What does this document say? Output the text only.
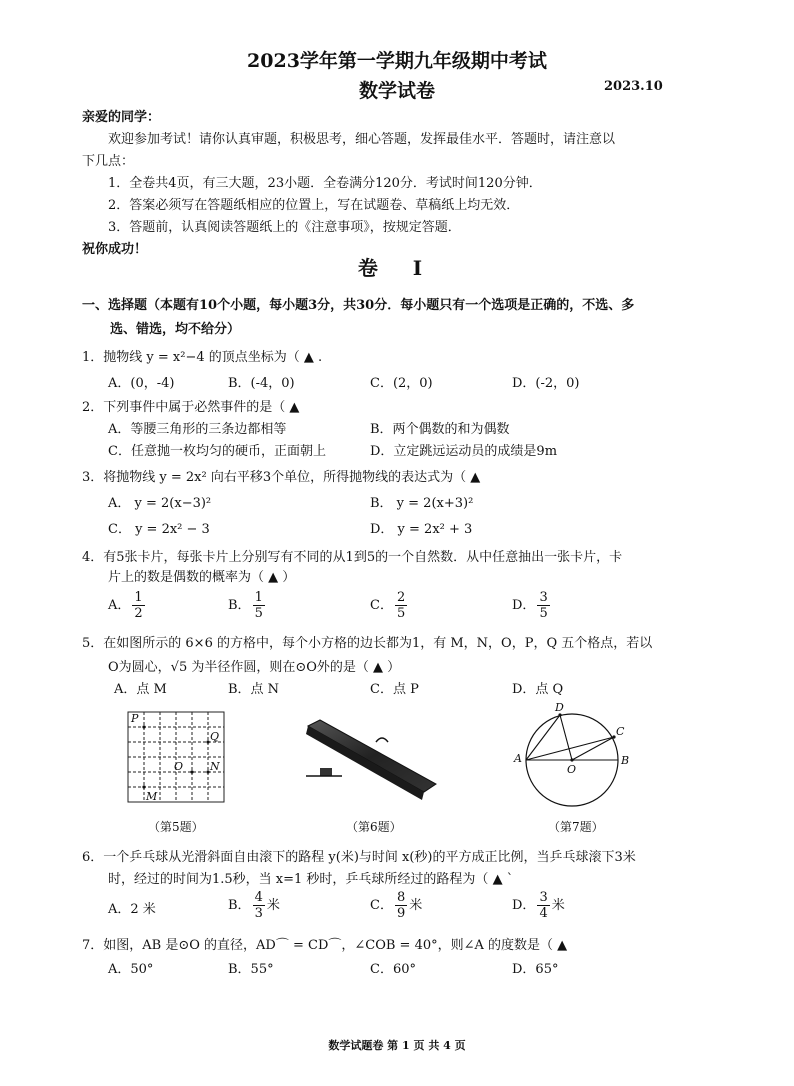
2023学年第一学期九年级期中考试
数学试卷	2023.10
亲爱的同学：
欢迎参加考试！请你认真审题，积极思考，细心答题，发挥最佳水平．答题时，请注意以
下几点：
1．全卷共4页，有三大题，23小题．全卷满分120分．考试时间120分钟．
2．答案必须写在答题纸相应的位置上，写在试题卷、草稿纸上均无效．
3．答题前，认真阅读答题纸上的《注意事项》，按规定答题．
祝你成功！
卷 I
一、选择题（本题有10个小题，每小题3分，共30分．每小题只有一个选项是正确的，不选、多
选、错选，均不给分）
1．抛物线 y = x²−4 的顶点坐标为（ ▲ .
A．(0，-4)	B．(-4，0)	C．(2，0)	D．(-2，0)
2．下列事件中属于必然事件的是（ ▲
A．等腰三角形的三条边都相等	B．两个偶数的和为偶数
C．任意抛一枚均匀的硬币，正面朝上	D．立定跳远运动员的成绩是9m
3．将抛物线 y = 2x² 向右平移3个单位，所得抛物线的表达式为（ ▲
A． y = 2(x−3)²	B． y = 2(x+3)²
C． y = 2x² − 3	D． y = 2x² + 3
4．有5张卡片，每张卡片上分别写有不同的从1到5的一个自然数．从中任意抽出一张卡片，卡
片上的数是偶数的概率为（ ▲ ）
A． $\frac{1}{2}$	B． $\frac{1}{5}$	C． $\frac{2}{5}$	D． $\frac{3}{5}$
5．在如图所示的 6×6 的方格中，每个小方格的边长都为1，有 M，N，O，P，Q 五个格点，若以
O为圆心，√5 为半径作圆，则在⊙O外的是（ ▲ ）
A．点 M	B．点 N	C．点 P	D．点 Q
P
Q
O N
M
（第5题）	（第6题）
A	B
C
D
O
（第7题）
6．一个乒乓球从光滑斜面自由滚下的路程 y(米)与时间 x(秒)的平方成正比例，当乒乓球滚下3米
时，经过的时间为1.5秒，当 x=1 秒时，乒乓球所经过的路程为（ ▲ `
A．2 米	B． $\frac{4}{3}$ 米	C． $\frac{8}{9}$ 米	D． $\frac{3}{4}$ 米
7．如图，AB 是⊙O 的直径，AD⌒ = CD⌒，∠COB = 40°，则∠A 的度数是（ ▲
A．50°	B．55°	C．60°	D．65°
数学试题卷 第 1 页 共 4 页
